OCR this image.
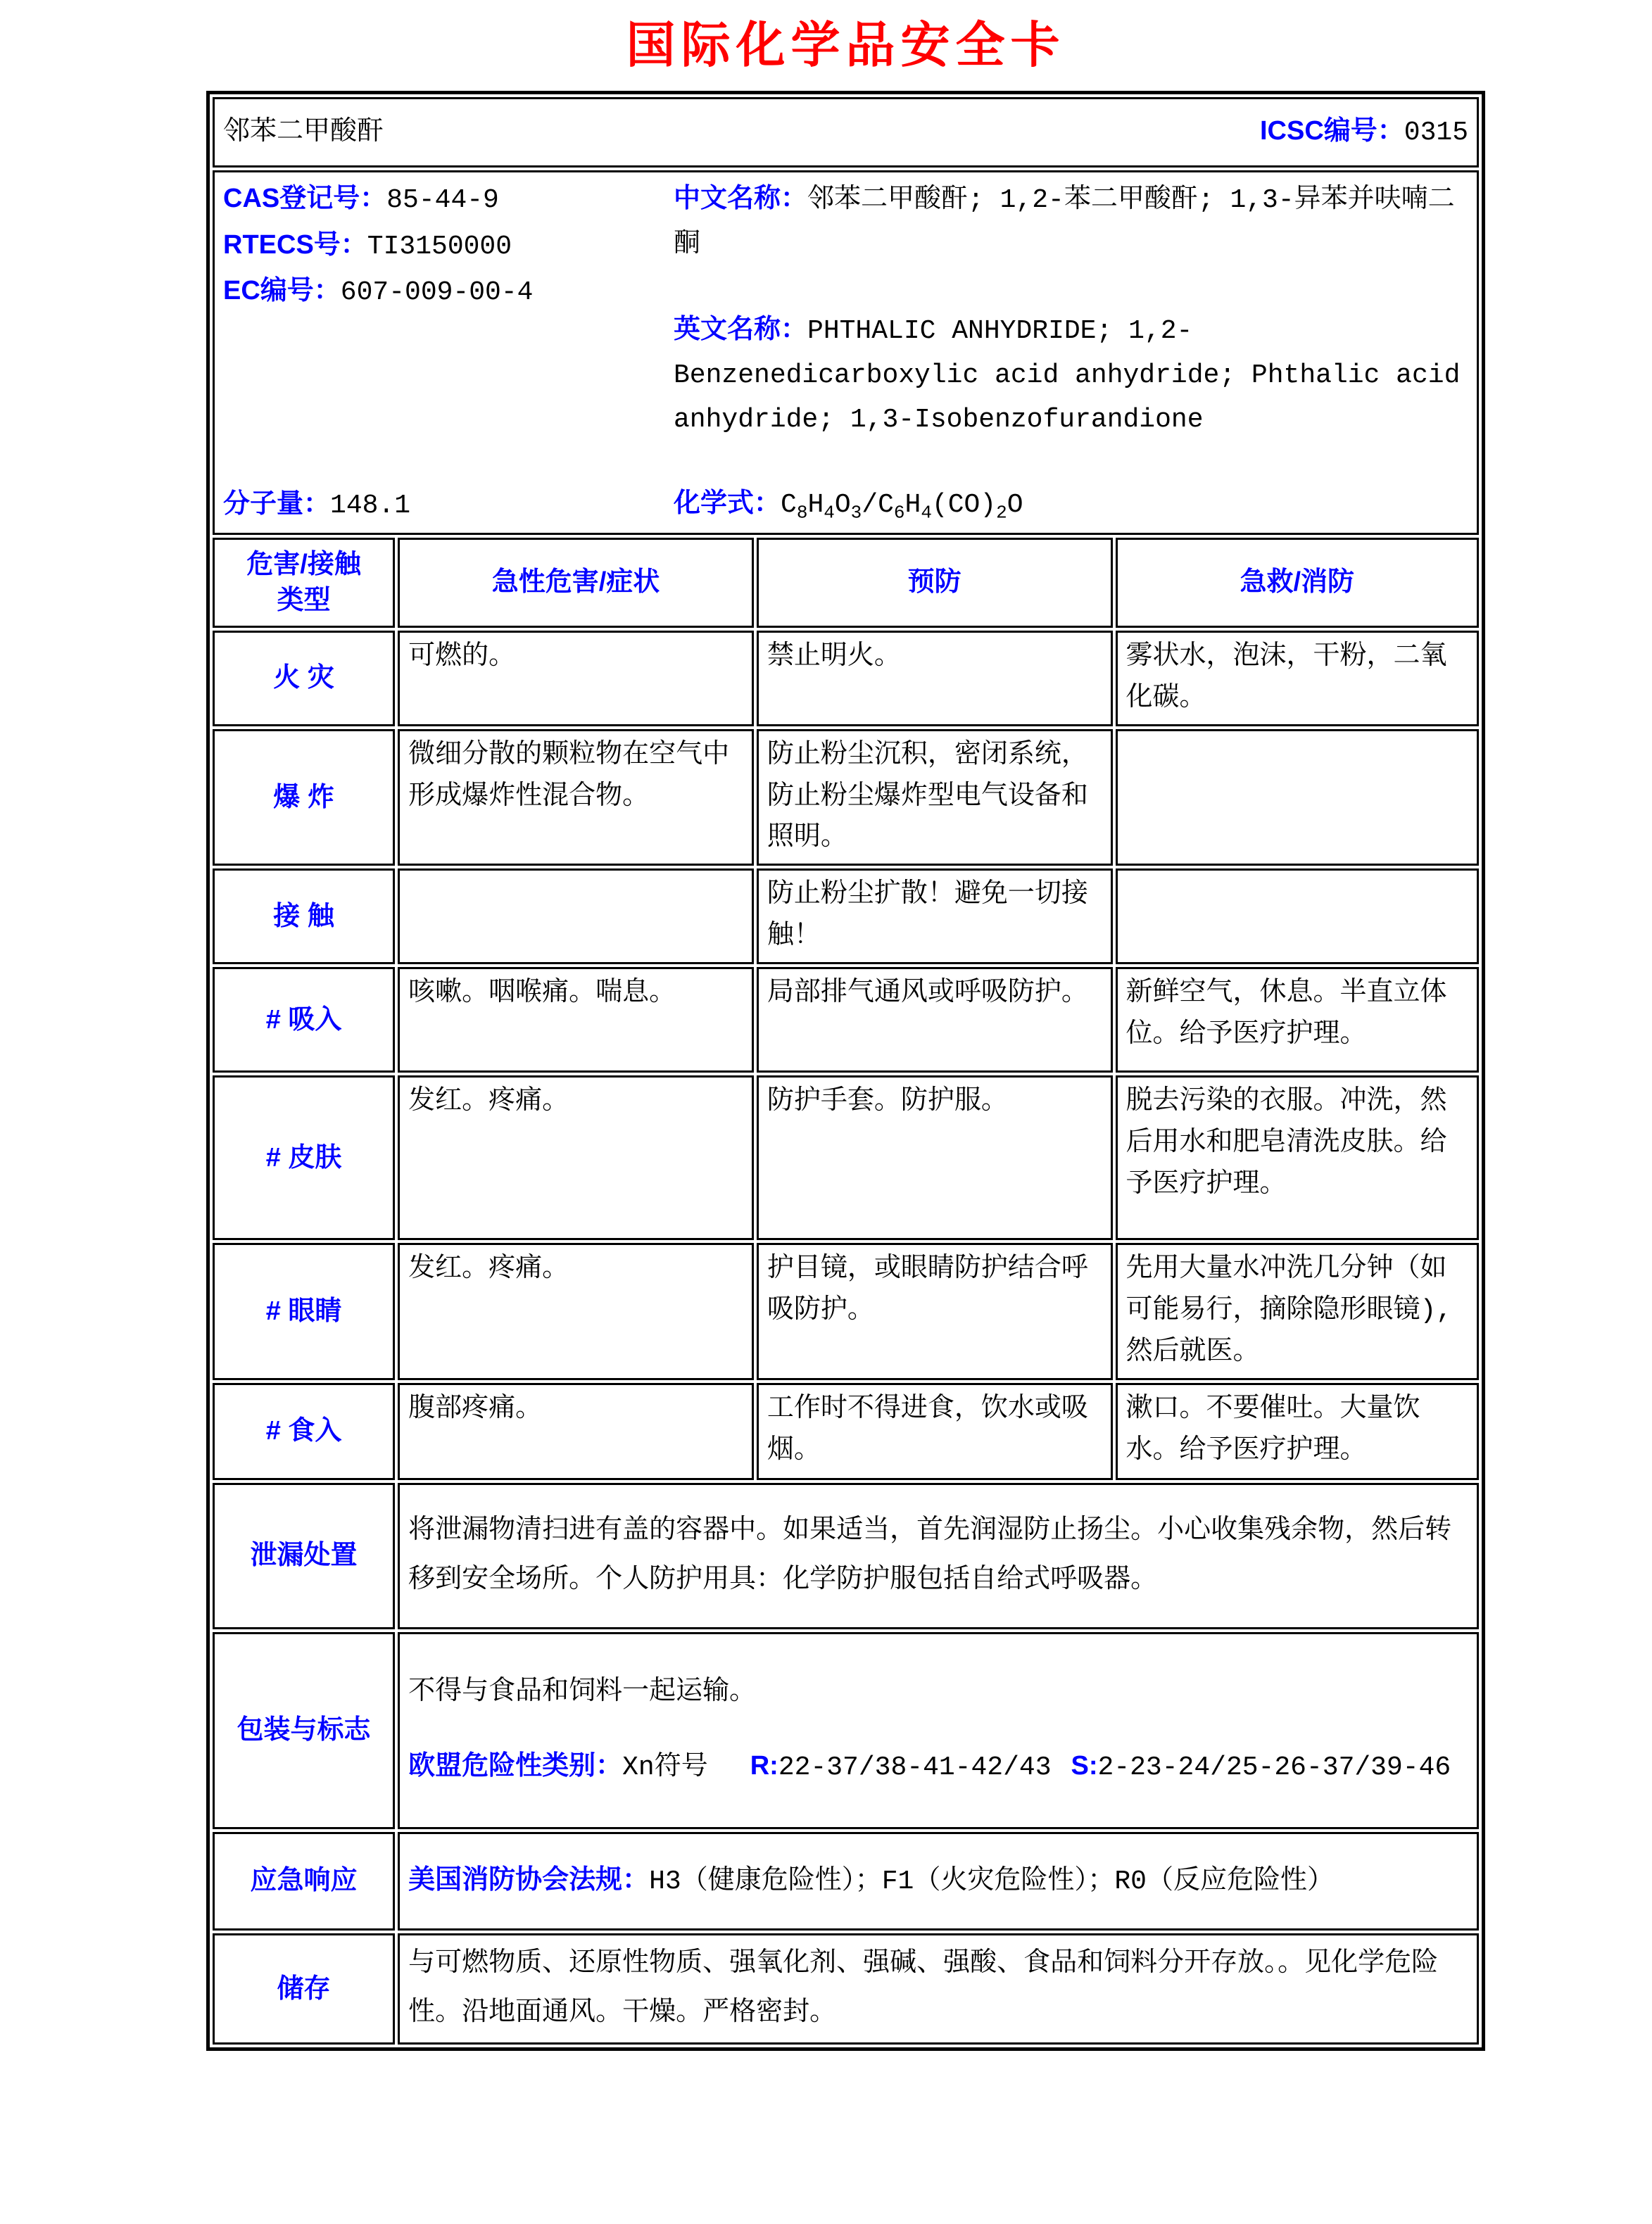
国际化学品安全卡
邻苯二甲酸酐 ICSC编号：0315			

CAS登记号：85-44-9
RTECS号：TI3150000
EC编号：607-009-00-4
分子量：148.1
中文名称：邻苯二甲酸酐; 1,2-苯二甲酸酐; 1,3-异苯并呋喃二酮
英文名称：PHTHALIC ANHYDRIDE; 1,2-Benzenedicarboxylic acid anhydride; Phthalic acid anhydride; 1,3-Isobenzofurandione
化学式：$C_8H_4O_3/C_6H_4(CO)_2O$

危害/接触
类型	急性危害/症状	预防	急救/消防
火 灾	可燃的。	禁止明火。	雾状水，泡沫，干粉，二氧化碳。
爆 炸	微细分散的颗粒物在空气中形成爆炸性混合物。	防止粉尘沉积，密闭系统，防止粉尘爆炸型电气设备和照明。	
接 触		防止粉尘扩散！避免一切接触！	
# 吸入	咳嗽。咽喉痛。喘息。	局部排气通风或呼吸防护。	新鲜空气，休息。半直立体位。给予医疗护理。
# 皮肤	发红。疼痛。	防护手套。防护服。	脱去污染的衣服。冲洗，然后用水和肥皂清洗皮肤。给予医疗护理。
# 眼睛	发红。疼痛。	护目镜，或眼睛防护结合呼吸防护。	先用大量水冲洗几分钟（如可能易行，摘除隐形眼镜),然后就医。
# 食入	腹部疼痛。	工作时不得进食，饮水或吸烟。	漱口。不要催吐。大量饮水。给予医疗护理。
泄漏处置	将泄漏物清扫进有盖的容器中。如果适当，首先润湿防止扬尘。小心收集残余物，然后转移到安全场所。个人防护用具：化学防护服包括自给式呼吸器。		
包装与标志	不得与食品和饲料一起运输。
欧盟危险性类别：Xn符号 R:22-37/38-41-42/43 S:2-23-24/25-26-37/39-46		

应急响应	美国消防协会法规：H3（健康危险性）；F1（火灾危险性）；R0（反应危险性）		
储存	与可燃物质、还原性物质、强氧化剂、强碱、强酸、食品和饲料分开存放。。见化学危险性。沿地面通风。干燥。严格密封。		
